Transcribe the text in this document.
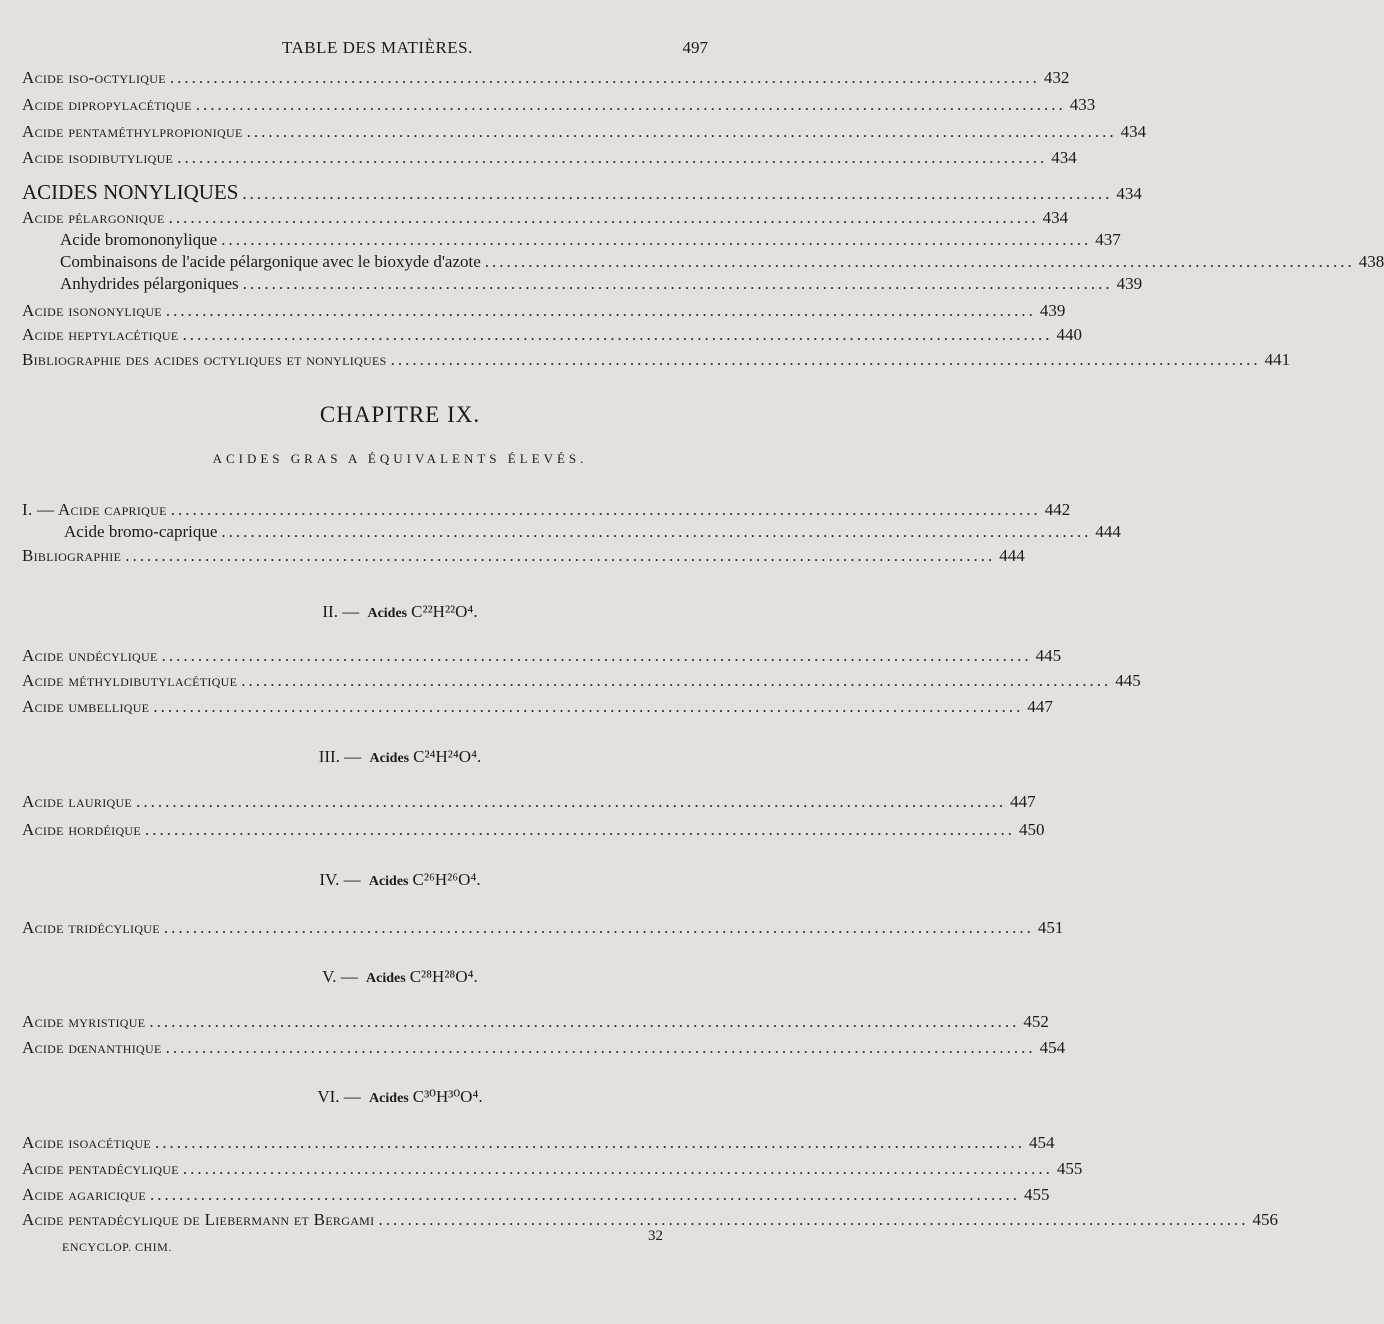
TABLE DES MATIÈRES.	497
Acide iso-octylique ........................................................................................................................ 432
Acide dipropylacétique ........................................................................................................................ 433
Acide pentaméthylpropionique ........................................................................................................................ 434
Acide isodibutylique ........................................................................................................................ 434
ACIDES NONYLIQUES ........................................................................................................................ 434
Acide pélargonique ........................................................................................................................ 434
Acide bromononylique ........................................................................................................................ 437
Combinaisons de l'acide pélargonique avec le bioxyde d'azote ........................................................................................................................ 438
Anhydrides pélargoniques ........................................................................................................................ 439
Acide isononylique ........................................................................................................................ 439
Acide heptylacétique ........................................................................................................................ 440
Bibliographie des acides octyliques et nonyliques ........................................................................................................................ 441
CHAPITRE IX.
ACIDES GRAS A ÉQUIVALENTS ÉLEVÉS.
I. — Acide caprique ........................................................................................................................ 442
Acide bromo-caprique ........................................................................................................................ 444
Bibliographie ........................................................................................................................ 444
II. — Acides C²²H²²O⁴.
Acide undécylique ........................................................................................................................ 445
Acide méthyldibutylacétique ........................................................................................................................ 445
Acide umbellique ........................................................................................................................ 447
III. — Acides C²⁴H²⁴O⁴.
Acide laurique ........................................................................................................................ 447
Acide hordéique ........................................................................................................................ 450
IV. — Acides C²⁶H²⁶O⁴.
Acide tridécylique ........................................................................................................................ 451
V. — Acides C²⁸H²⁸O⁴.
Acide myristique ........................................................................................................................ 452
Acide dœnanthique ........................................................................................................................ 454
VI. — Acides C³⁰H³⁰O⁴.
Acide isoacétique ........................................................................................................................ 454
Acide pentadécylique ........................................................................................................................ 455
Acide agaricique ........................................................................................................................ 455
Acide pentadécylique de Liebermann et Bergami ........................................................................................................................ 456
ENCYCLOP. CHIM.
32
